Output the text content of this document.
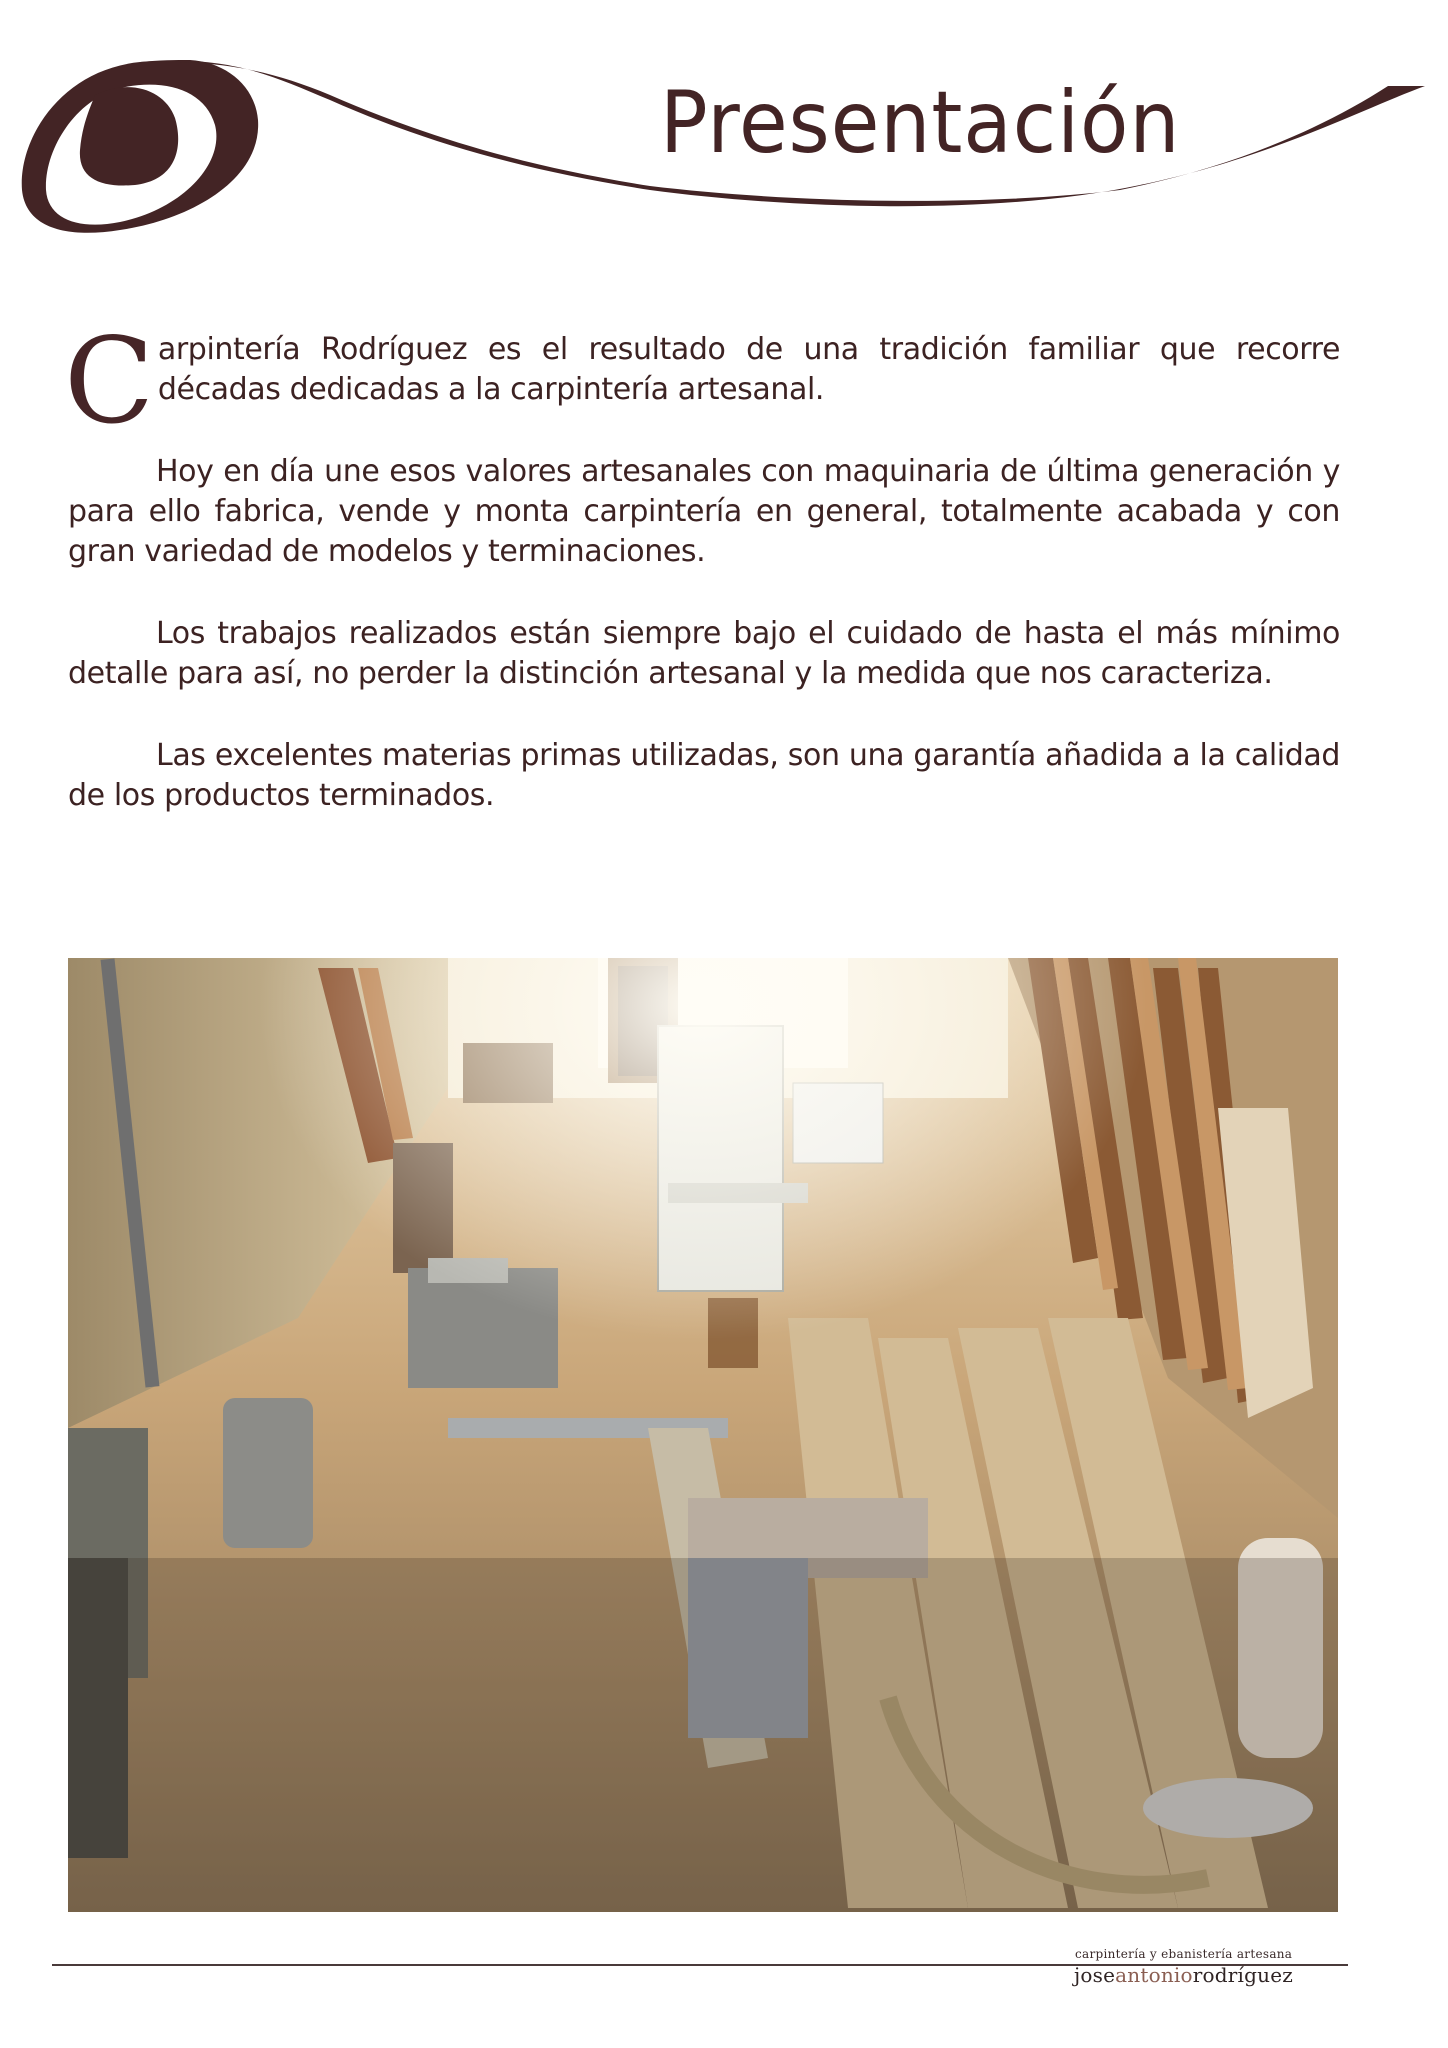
Presentación

Carpintería Rodríguez es el resultado de una tradición familiar que recorre décadas dedicadas a la carpintería artesanal.

Hoy en día une esos valores artesanales con maquinaria de última generación y para ello fabrica, vende y monta carpintería en general, totalmente acabada y con gran variedad de modelos y terminaciones.

Los trabajos realizados están siempre bajo el cuidado de hasta el más mínimo detalle para así, no perder la distinción artesanal y la medida que nos caracteriza.

Las excelentes materias primas utilizadas, son una garantía añadida a la calidad de los productos terminados.

carpintería y ebanistería artesana
joseantoniorodríguez
